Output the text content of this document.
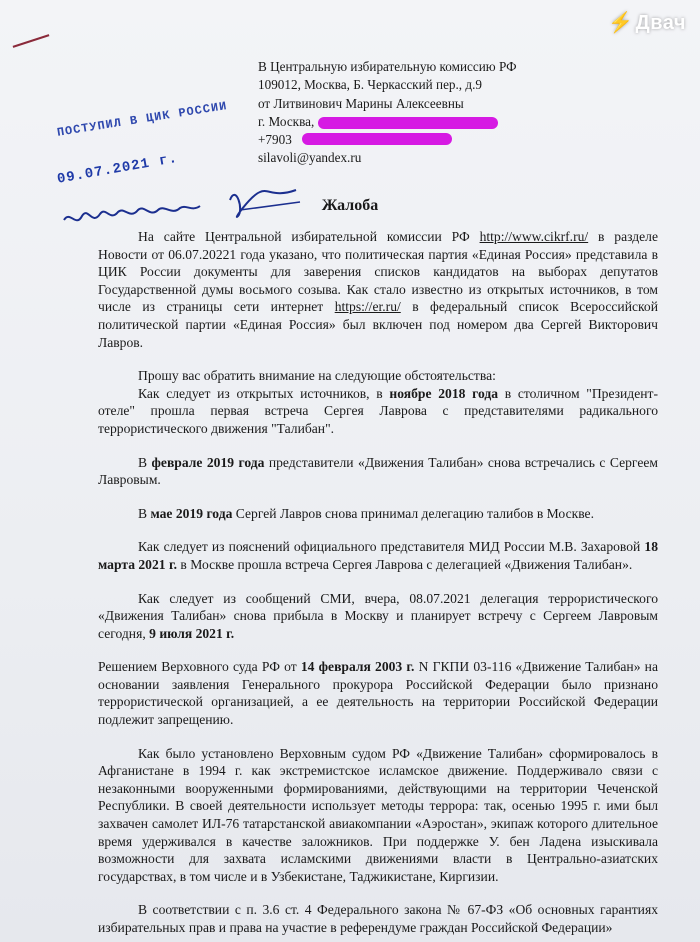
⚡ Двач
В Центральную избирательную комиссию РФ
109012, Москва, Б. Черкасский пер., д.9
от Литвинович Марины Алексеевны
г. Москва,
+7903
silavoli@yandex.ru
ПОСТУПИЛ В ЦИК РОССИИ
09.07.2021 г.
Жалоба

На сайте Центральной избирательной комиссии РФ http://www.cikrf.ru/ в разделе Новости от 06.07.20221 года указано, что политическая партия «Единая Россия» представила в ЦИК России документы для заверения списков кандидатов на выборах депутатов Государственной думы восьмого созыва. Как стало известно из открытых источников, в том числе из страницы сети интернет https://er.ru/ в федеральный список Всероссийской политической партии «Единая Россия» был включен под номером два Сергей Викторович Лавров.

Прошу вас обратить внимание на следующие обстоятельства:

Как следует из открытых источников, в ноябре 2018 года в столичном "Президент-отеле" прошла первая встреча Сергея Лаврова с представителями радикального террористического движения "Талибан".

В феврале 2019 года представители «Движения Талибан» снова встречались с Сергеем Лавровым.

В мае 2019 года Сергей Лавров снова принимал делегацию талибов в Москве.

Как следует из пояснений официального представителя МИД России М.В. Захаровой 18 марта 2021 г. в Москве прошла встреча Сергея Лаврова с делегацией «Движения Талибан».

Как следует из сообщений СМИ, вчера, 08.07.2021 делегация террористического «Движения Талибан» снова прибыла в Москву и планирует встречу с Сергеем Лавровым сегодня, 9 июля 2021 г.

Решением Верховного суда РФ от 14 февраля 2003 г. N ГКПИ 03-116 «Движение Талибан» на основании заявления Генерального прокурора Российской Федерации было признано террористической организацией, а ее деятельность на территории Российской Федерации подлежит запрещению.

Как было установлено Верховным судом РФ «Движение Талибан» сформировалось в Афганистане в 1994 г. как экстремистское исламское движение. Поддерживало связи с незаконными вооруженными формированиями, действующими на территории Чеченской Республики. В своей деятельности использует методы террора: так, осенью 1995 г. ими был захвачен самолет ИЛ-76 татарстанской авиакомпании «Аэростан», экипаж которого длительное время удерживался в качестве заложников. При поддержке У. бен Ладена изыскивала возможности для захвата исламскими движениями власти в Центрально-азиатских государствах, в том числе и в Узбекистане, Таджикистане, Киргизии.

В соответствии с п. 3.6 ст. 4 Федерального закона № 67-ФЗ «Об основных гарантиях избирательных прав и права на участие в референдуме граждан Российской Федерации»
